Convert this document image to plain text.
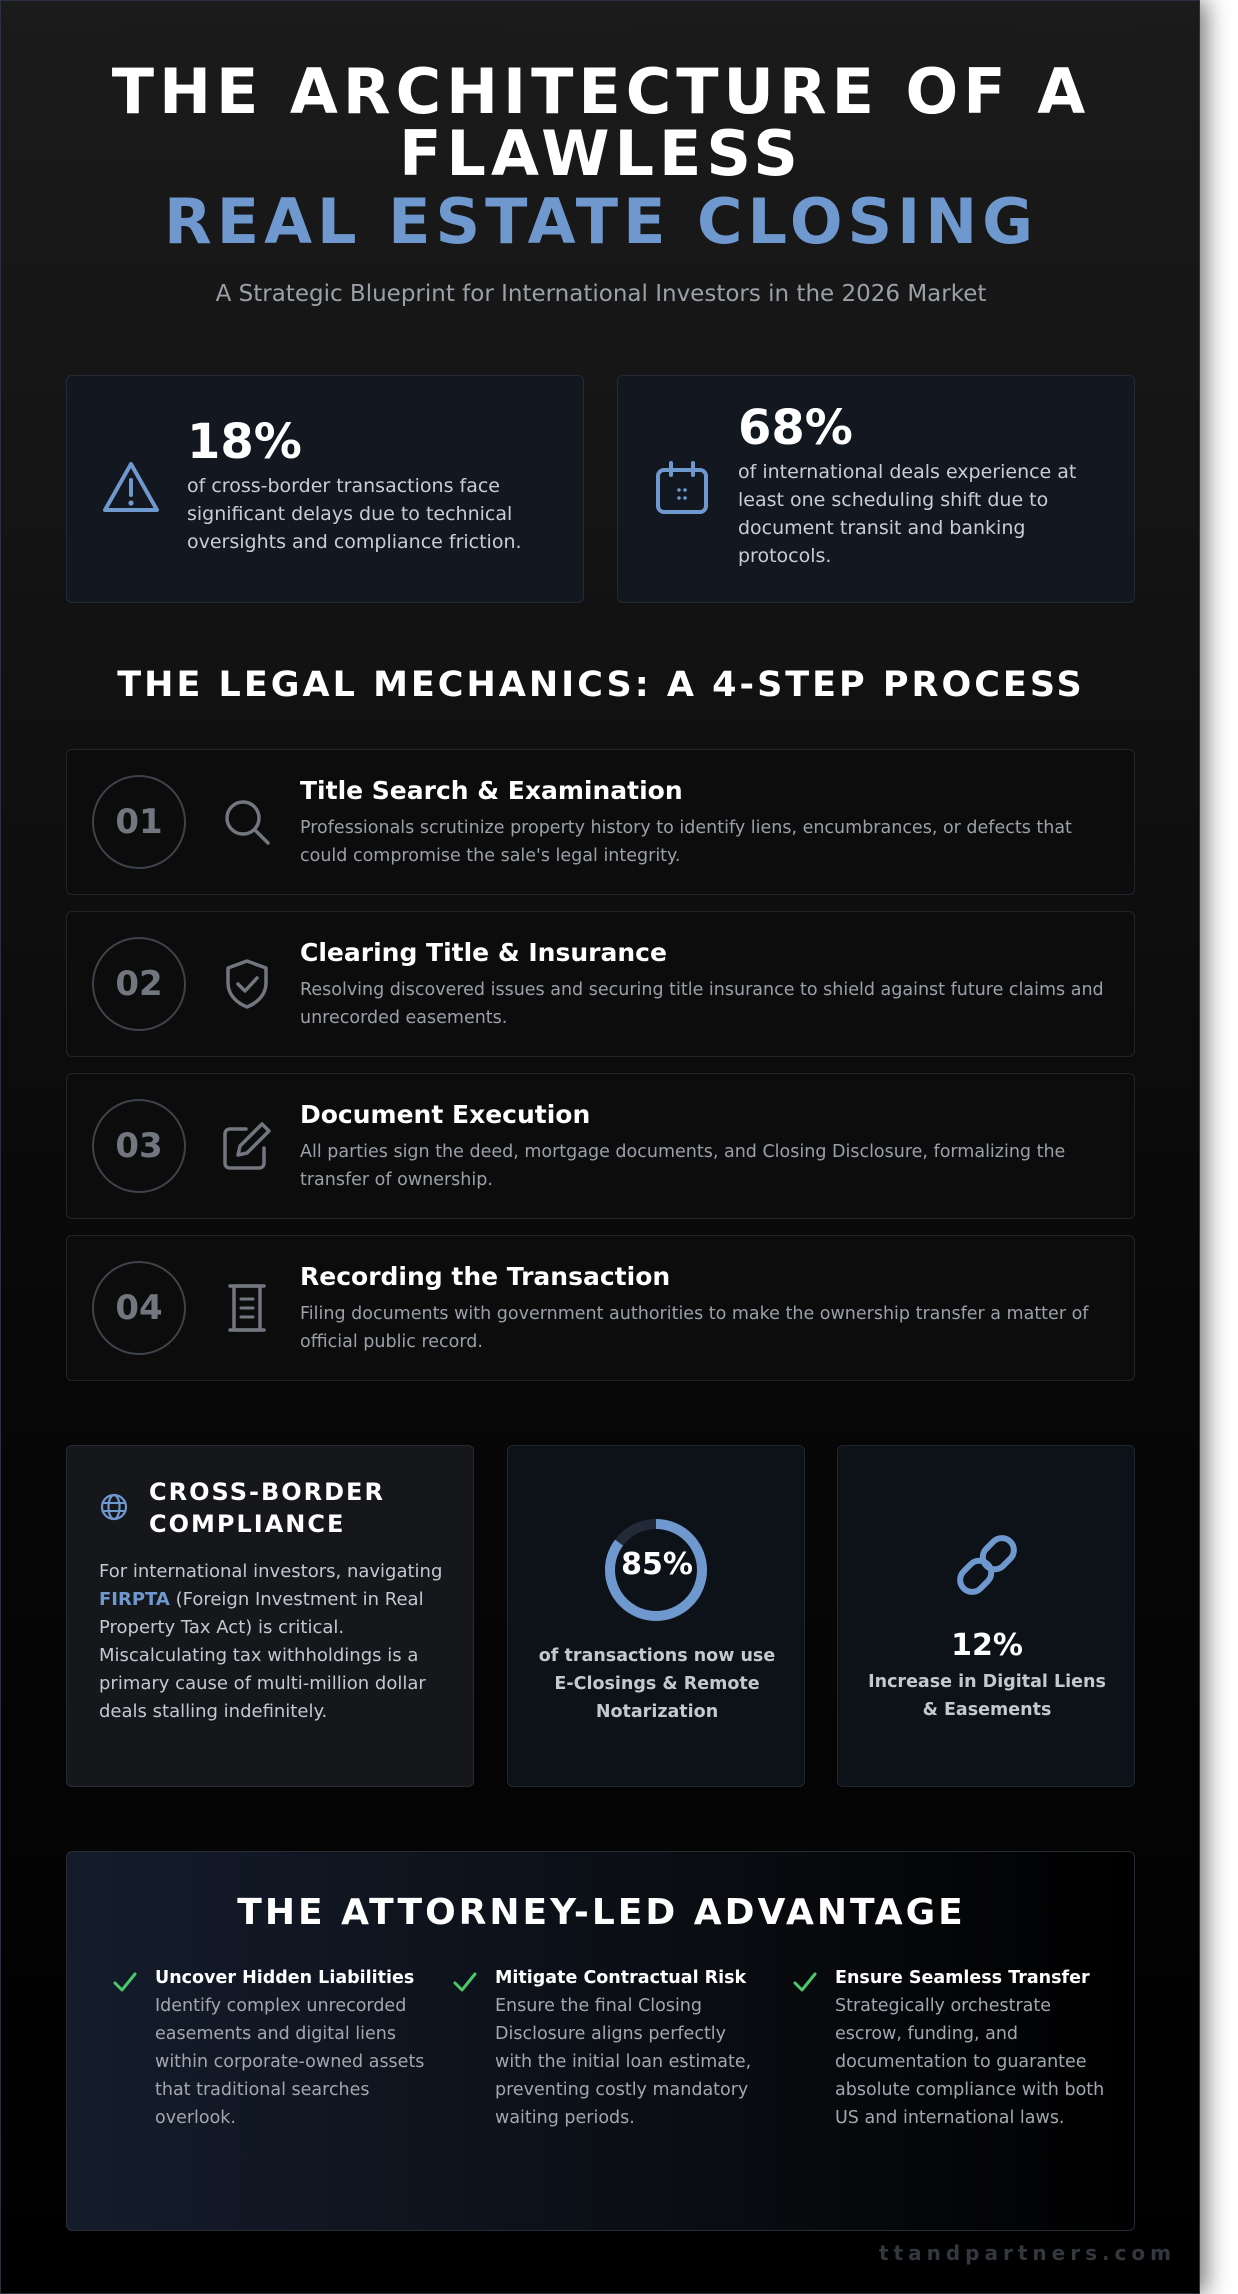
THE ARCHITECTURE OF A
FLAWLESS
REAL ESTATE CLOSING
A Strategic Blueprint for International Investors in the 2026 Market
18%
of cross-border transactions face significant delays due to technical oversights and compliance friction.
68%
of international deals experience at least one scheduling shift due to document transit and banking protocols.
THE LEGAL MECHANICS: A 4-STEP PROCESS
01
Title Search & Examination
Professionals scrutinize property history to identify liens, encumbrances, or defects that could compromise the sale's legal integrity.
02
Clearing Title & Insurance
Resolving discovered issues and securing title insurance to shield against future claims and unrecorded easements.
03
Document Execution
All parties sign the deed, mortgage documents, and Closing Disclosure, formalizing the transfer of ownership.
04
Recording the Transaction
Filing documents with government authorities to make the ownership transfer a matter of official public record.
CROSS-BORDER COMPLIANCE
For international investors, navigating FIRPTA (Foreign Investment in Real Property Tax Act) is critical. Miscalculating tax withholdings is a primary cause of multi-million dollar deals stalling indefinitely.
85%
of transactions now use E-Closings & Remote Notarization
12%
Increase in Digital Liens & Easements
THE ATTORNEY-LED ADVANTAGE
Uncover Hidden Liabilities
Identify complex unrecorded easements and digital liens within corporate-owned assets that traditional searches overlook.
Mitigate Contractual Risk
Ensure the final Closing Disclosure aligns perfectly with the initial loan estimate, preventing costly mandatory waiting periods.
Ensure Seamless Transfer
Strategically orchestrate escrow, funding, and documentation to guarantee absolute compliance with both US and international laws.
ttandpartners.com
